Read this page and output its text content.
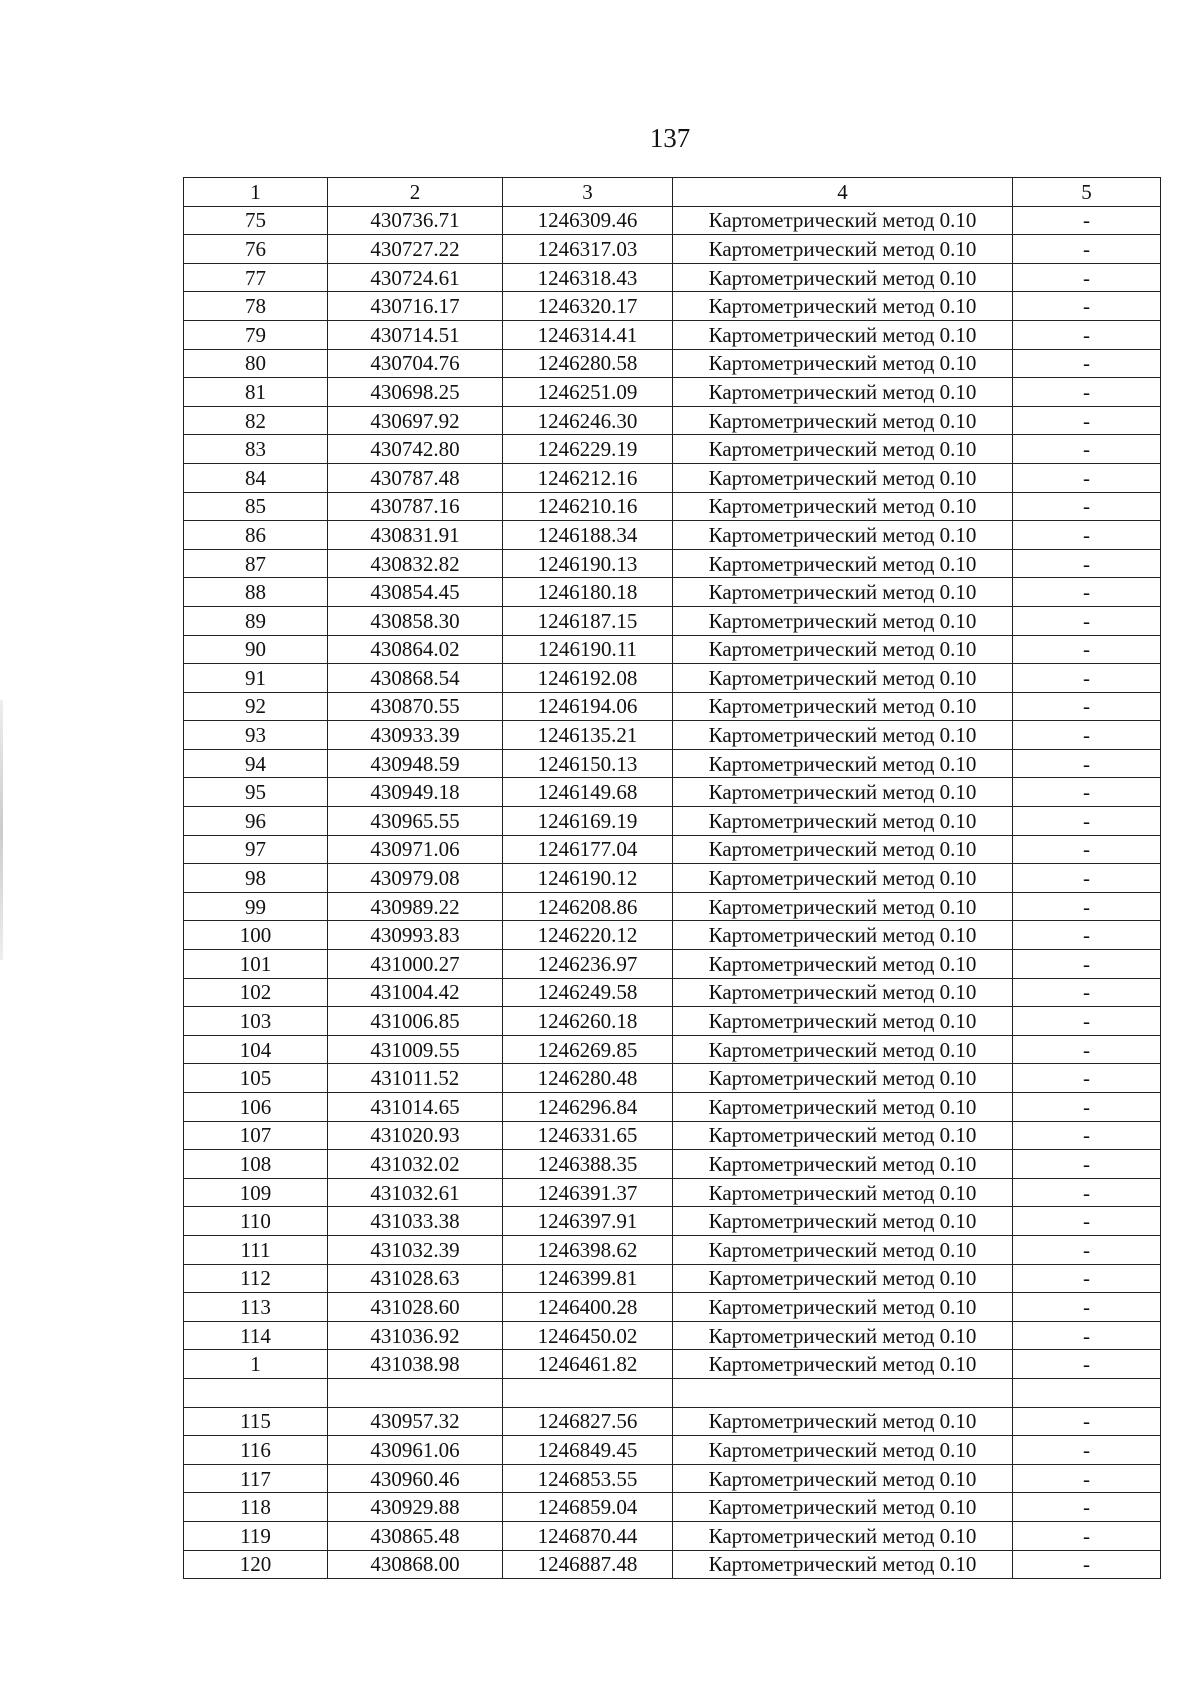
137
1	2	3	4	5
75	430736.71	1246309.46	Картометрический метод 0.10	-
76	430727.22	1246317.03	Картометрический метод 0.10	-
77	430724.61	1246318.43	Картометрический метод 0.10	-
78	430716.17	1246320.17	Картометрический метод 0.10	-
79	430714.51	1246314.41	Картометрический метод 0.10	-
80	430704.76	1246280.58	Картометрический метод 0.10	-
81	430698.25	1246251.09	Картометрический метод 0.10	-
82	430697.92	1246246.30	Картометрический метод 0.10	-
83	430742.80	1246229.19	Картометрический метод 0.10	-
84	430787.48	1246212.16	Картометрический метод 0.10	-
85	430787.16	1246210.16	Картометрический метод 0.10	-
86	430831.91	1246188.34	Картометрический метод 0.10	-
87	430832.82	1246190.13	Картометрический метод 0.10	-
88	430854.45	1246180.18	Картометрический метод 0.10	-
89	430858.30	1246187.15	Картометрический метод 0.10	-
90	430864.02	1246190.11	Картометрический метод 0.10	-
91	430868.54	1246192.08	Картометрический метод 0.10	-
92	430870.55	1246194.06	Картометрический метод 0.10	-
93	430933.39	1246135.21	Картометрический метод 0.10	-
94	430948.59	1246150.13	Картометрический метод 0.10	-
95	430949.18	1246149.68	Картометрический метод 0.10	-
96	430965.55	1246169.19	Картометрический метод 0.10	-
97	430971.06	1246177.04	Картометрический метод 0.10	-
98	430979.08	1246190.12	Картометрический метод 0.10	-
99	430989.22	1246208.86	Картометрический метод 0.10	-
100	430993.83	1246220.12	Картометрический метод 0.10	-
101	431000.27	1246236.97	Картометрический метод 0.10	-
102	431004.42	1246249.58	Картометрический метод 0.10	-
103	431006.85	1246260.18	Картометрический метод 0.10	-
104	431009.55	1246269.85	Картометрический метод 0.10	-
105	431011.52	1246280.48	Картометрический метод 0.10	-
106	431014.65	1246296.84	Картометрический метод 0.10	-
107	431020.93	1246331.65	Картометрический метод 0.10	-
108	431032.02	1246388.35	Картометрический метод 0.10	-
109	431032.61	1246391.37	Картометрический метод 0.10	-
110	431033.38	1246397.91	Картометрический метод 0.10	-
111	431032.39	1246398.62	Картометрический метод 0.10	-
112	431028.63	1246399.81	Картометрический метод 0.10	-
113	431028.60	1246400.28	Картометрический метод 0.10	-
114	431036.92	1246450.02	Картометрический метод 0.10	-
1	431038.98	1246461.82	Картометрический метод 0.10	-

115	430957.32	1246827.56	Картометрический метод 0.10	-
116	430961.06	1246849.45	Картометрический метод 0.10	-
117	430960.46	1246853.55	Картометрический метод 0.10	-
118	430929.88	1246859.04	Картометрический метод 0.10	-
119	430865.48	1246870.44	Картометрический метод 0.10	-
120	430868.00	1246887.48	Картометрический метод 0.10	-
